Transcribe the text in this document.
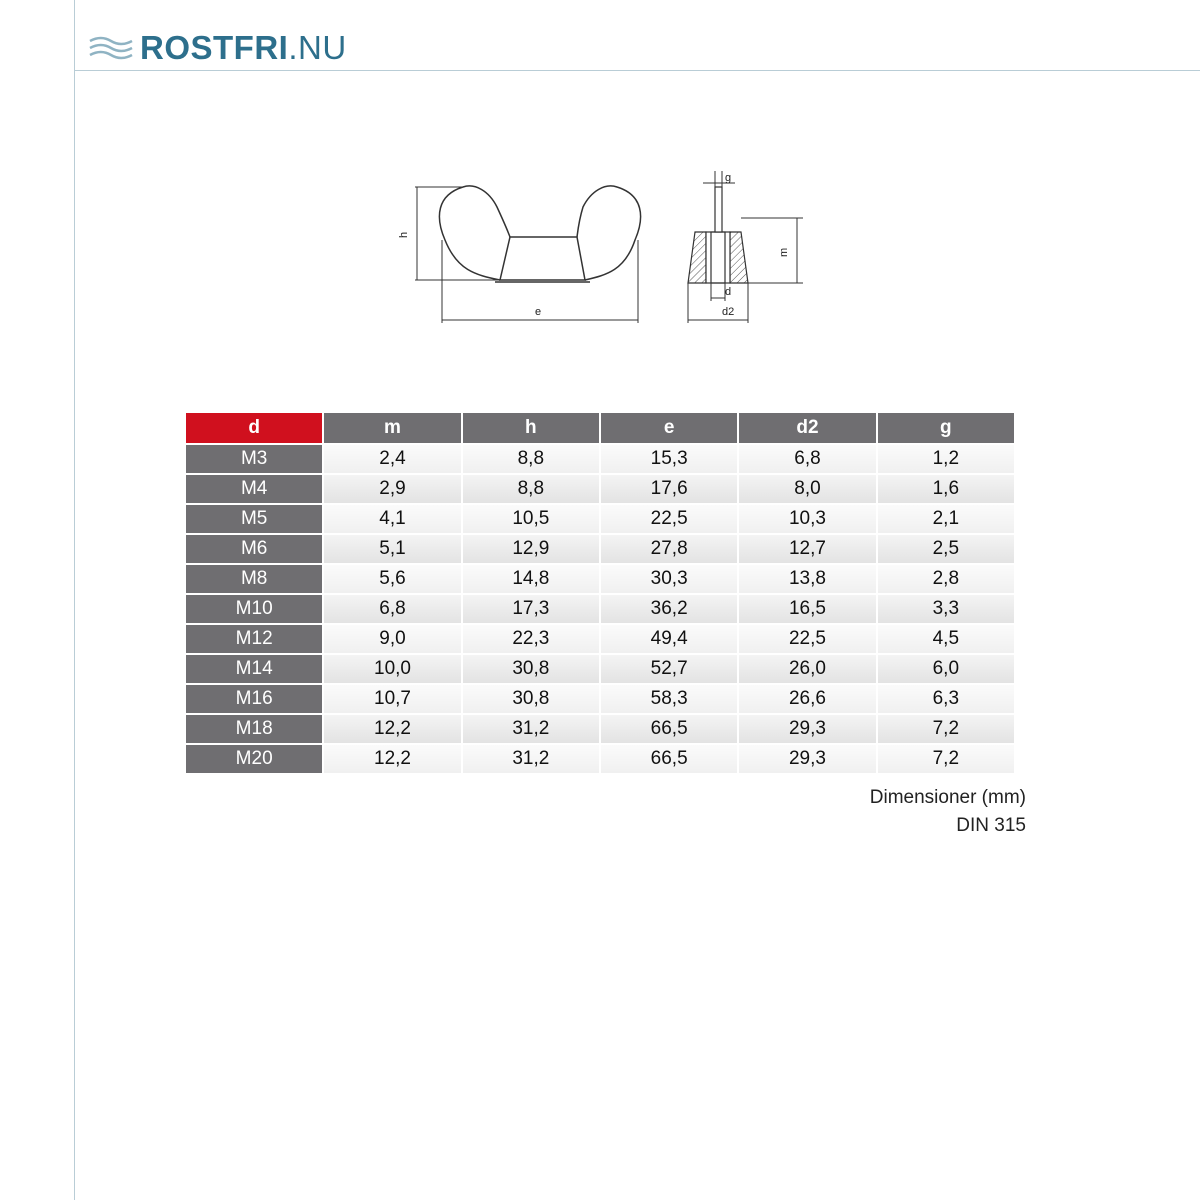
ROSTFRI.NU
h
e
g
m
d
d2
d	m	h	e	d2	g
M3	2,4	8,8	15,3	6,8	1,2
M4	2,9	8,8	17,6	8,0	1,6
M5	4,1	10,5	22,5	10,3	2,1
M6	5,1	12,9	27,8	12,7	2,5
M8	5,6	14,8	30,3	13,8	2,8
M10	6,8	17,3	36,2	16,5	3,3
M12	9,0	22,3	49,4	22,5	4,5
M14	10,0	30,8	52,7	26,0	6,0
M16	10,7	30,8	58,3	26,6	6,3
M18	12,2	31,2	66,5	29,3	7,2
M20	12,2	31,2	66,5	29,3	7,2
Dimensioner (mm)
DIN 315
